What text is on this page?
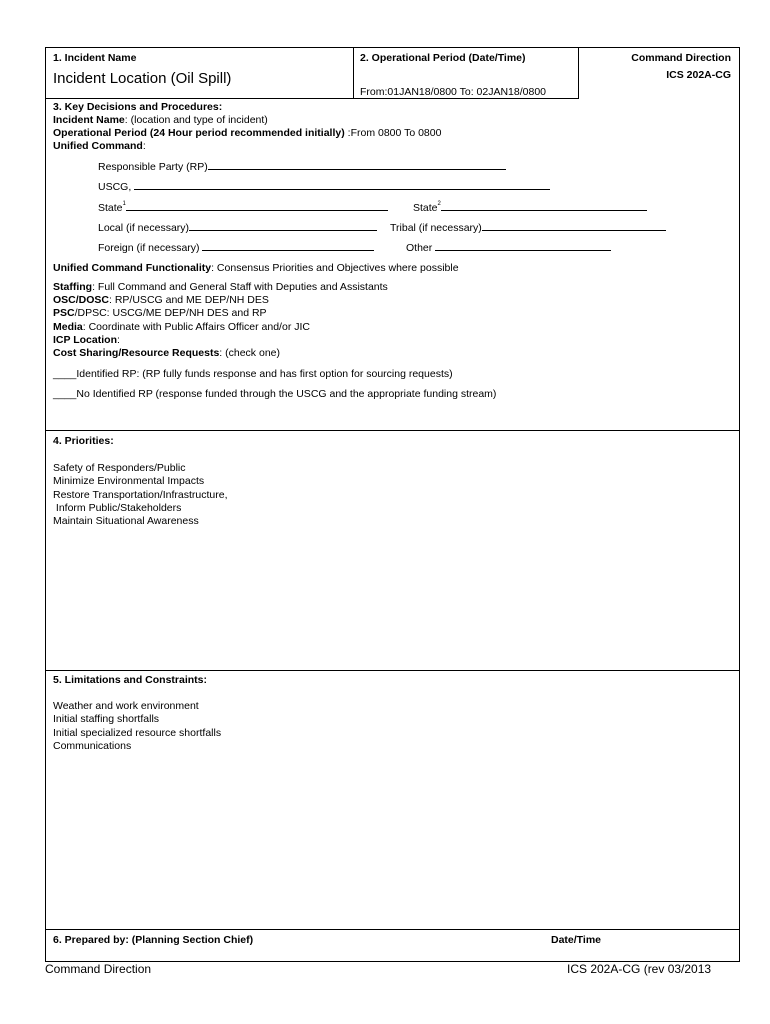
1. Incident Name
Incident Location (Oil Spill)
2. Operational Period (Date/Time)
From:01JAN18/0800 To: 02JAN18/0800
Command Direction
ICS 202A-CG
3. Key Decisions and Procedures:
Incident Name: (location and type of incident)
Operational Period (24 Hour period recommended initially) :From 0800 To 0800
Unified Command:
Responsible Party (RP)
USCG,
State$^1$	State$^2$
Local (if necessary)	Tribal (if necessary)
Foreign (if necessary)	Other
Unified Command Functionality: Consensus Priorities and Objectives where possible
Staffing: Full Command and General Staff with Deputies and Assistants
OSC/DOSC: RP/USCG and ME DEP/NH DES
PSC/DPSC: USCG/ME DEP/NH DES and RP
Media: Coordinate with Public Affairs Officer and/or JIC
ICP Location:
Cost Sharing/Resource Requests: (check one)
____Identified RP: (RP fully funds response and has first option for sourcing requests)
____No Identified RP (response funded through the USCG and the appropriate funding stream)
4. Priorities:
Safety of Responders/Public
Minimize Environmental Impacts
Restore Transportation/Infrastructure,
Inform Public/Stakeholders
Maintain Situational Awareness
5. Limitations and Constraints:
Weather and work environment
Initial staffing shortfalls
Initial specialized resource shortfalls
Communications
6. Prepared by: (Planning Section Chief)	Date/Time
Command Direction	ICS 202A-CG (rev 03/2013
